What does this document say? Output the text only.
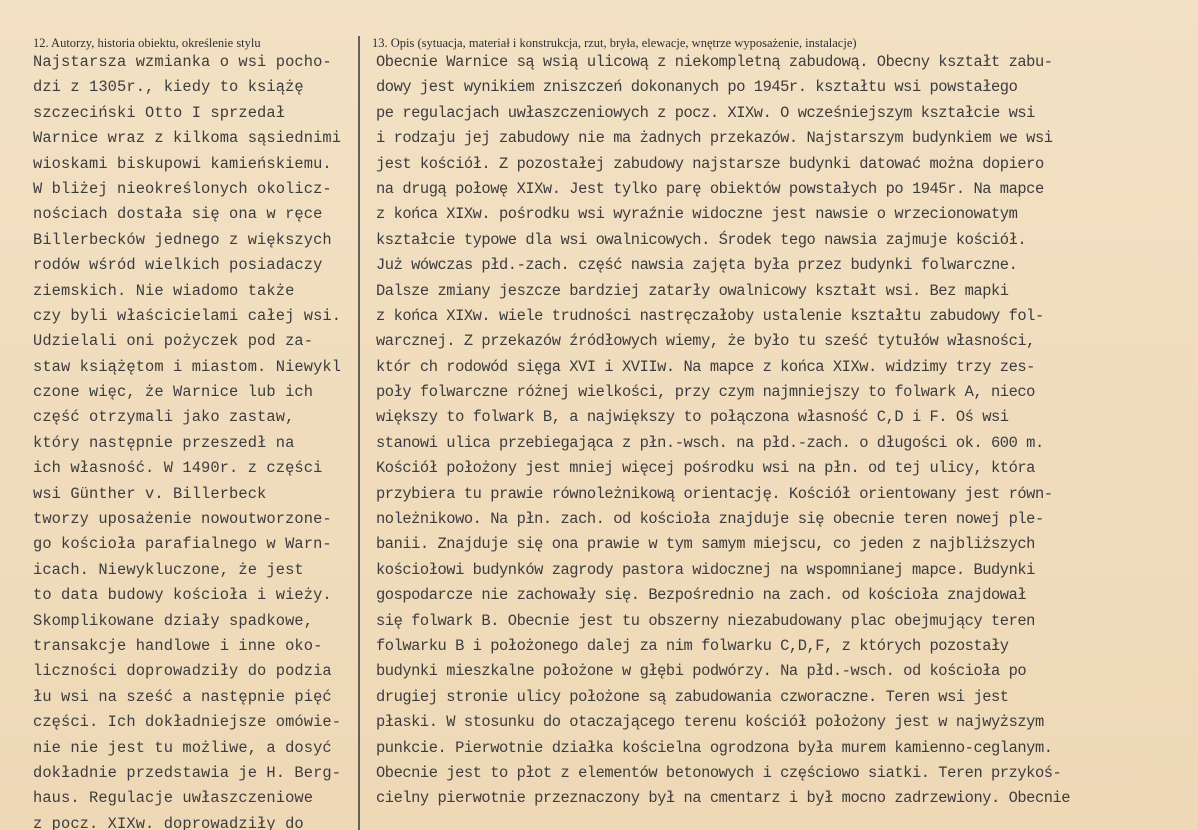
12. Autorzy, historia obiektu, określenie stylu	13. Opis (sytuacja, materiał i konstrukcja, rzut, bryła, elewacje, wnętrze wyposażenie, instalacje)
Najstarsza wzmianka o wsi pocho-
dzi z 1305r., kiedy to książę
szczeciński Otto I sprzedał
Warnice wraz z kilkoma sąsiednimi
wioskami biskupowi kamieńskiemu.
W bliżej nieokreślonych okolicz-
nościach dostała się ona w ręce
Billerbecków jednego z większych
rodów wśród wielkich posiadaczy
ziemskich. Nie wiadomo także
czy byli właścicielami całej wsi.
Udzielali oni pożyczek pod za-
staw książętom i miastom. Niewykl
czone więc, że Warnice lub ich
część otrzymali jako zastaw,
który następnie przeszedł na
ich własność. W 1490r. z części
wsi Günther v. Billerbeck
tworzy uposażenie nowoutworzone-
go kościoła parafialnego w Warn-
icach. Niewykluczone, że jest
to data budowy kościoła i wieży.
Skomplikowane działy spadkowe,
transakcje handlowe i inne oko-
liczności doprowadziły do podzia
łu wsi na sześć a następnie pięć
części. Ich dokładniejsze omówie-
nie nie jest tu możliwe, a dosyć
dokładnie przedstawia je H. Berg-
haus. Regulacje uwłaszczeniowe
z pocz. XIXw. doprowadziły do
Obecnie Warnice są wsią ulicową z niekompletną zabudową. Obecny kształt zabu-
dowy jest wynikiem zniszczeń dokonanych po 1945r. kształtu wsi powstałego
pe regulacjach uwłaszczeniowych z pocz. XIXw. O wcześniejszym kształcie wsi
i rodzaju jej zabudowy nie ma żadnych przekazów. Najstarszym budynkiem we wsi
jest kościół. Z pozostałej zabudowy najstarsze budynki datować można dopiero
na drugą połowę XIXw. Jest tylko parę obiektów powstałych po 1945r. Na mapce
z końca XIXw. pośrodku wsi wyraźnie widoczne jest nawsie o wrzecionowatym
kształcie typowe dla wsi owalnicowych. Środek tego nawsia zajmuje kościół.
Już wówczas płd.-zach. część nawsia zajęta była przez budynki folwarczne.
Dalsze zmiany jeszcze bardziej zatarły owalnicowy kształt wsi. Bez mapki
z końca XIXw. wiele trudności nastręczałoby ustalenie kształtu zabudowy fol-
warcznej. Z przekazów źródłowych wiemy, że było tu sześć tytułów własności,
któr ch rodowód sięga XVI i XVIIw. Na mapce z końca XIXw. widzimy trzy zes-
poły folwarczne różnej wielkości, przy czym najmniejszy to folwark A, nieco
większy to folwark B, a największy to połączona własność C,D i F. Oś wsi
stanowi ulica przebiegająca z płn.-wsch. na płd.-zach. o długości ok. 600 m.
Kościół położony jest mniej więcej pośrodku wsi na płn. od tej ulicy, która
przybiera tu prawie równoleżnikową orientację. Kościół orientowany jest równ-
noleżnikowo. Na płn. zach. od kościoła znajduje się obecnie teren nowej ple-
banii. Znajduje się ona prawie w tym samym miejscu, co jeden z najbliższych
kościołowi budynków zagrody pastora widocznej na wspomnianej mapce. Budynki
gospodarcze nie zachowały się. Bezpośrednio na zach. od kościoła znajdował
się folwark B. Obecnie jest tu obszerny niezabudowany plac obejmujący teren
folwarku B i położonego dalej za nim folwarku C,D,F, z których pozostały
budynki mieszkalne położone w głębi podwórzy. Na płd.-wsch. od kościoła po
drugiej stronie ulicy położone są zabudowania czworaczne. Teren wsi jest
płaski. W stosunku do otaczającego terenu kościół położony jest w najwyższym
punkcie. Pierwotnie działka kościelna ogrodzona była murem kamienno-ceglanym.
Obecnie jest to płot z elementów betonowych i częściowo siatki. Teren przykoś-
cielny pierwotnie przeznaczony był na cmentarz i był mocno zadrzewiony. Obecnie
